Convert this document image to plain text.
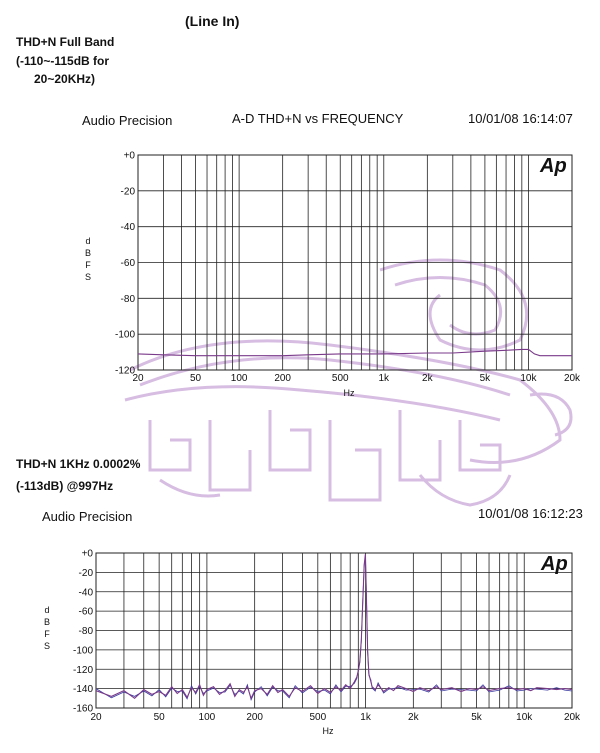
(Line In)
THD+N Full Band
(-110~-115dB for
20~20KHz)
Audio Precision	A-D THD+N vs FREQUENCY	10/01/08 16:14:07
THD+N 1KHz 0.0002%
(-113dB) @997Hz
Audio Precision	10/01/08 16:12:23
+0
-20
-40
-60
-80
-100
-120
20	50	100	200	500	1k	2k	5k	10k	20k
Hz
d
B
F
S
Ap
+0
-20
-40
-60
-80
-100
-120
-140
-160
20	50	100	200	500	1k	2k	5k	10k	20k
Hz
d
B
F
S
Ap
